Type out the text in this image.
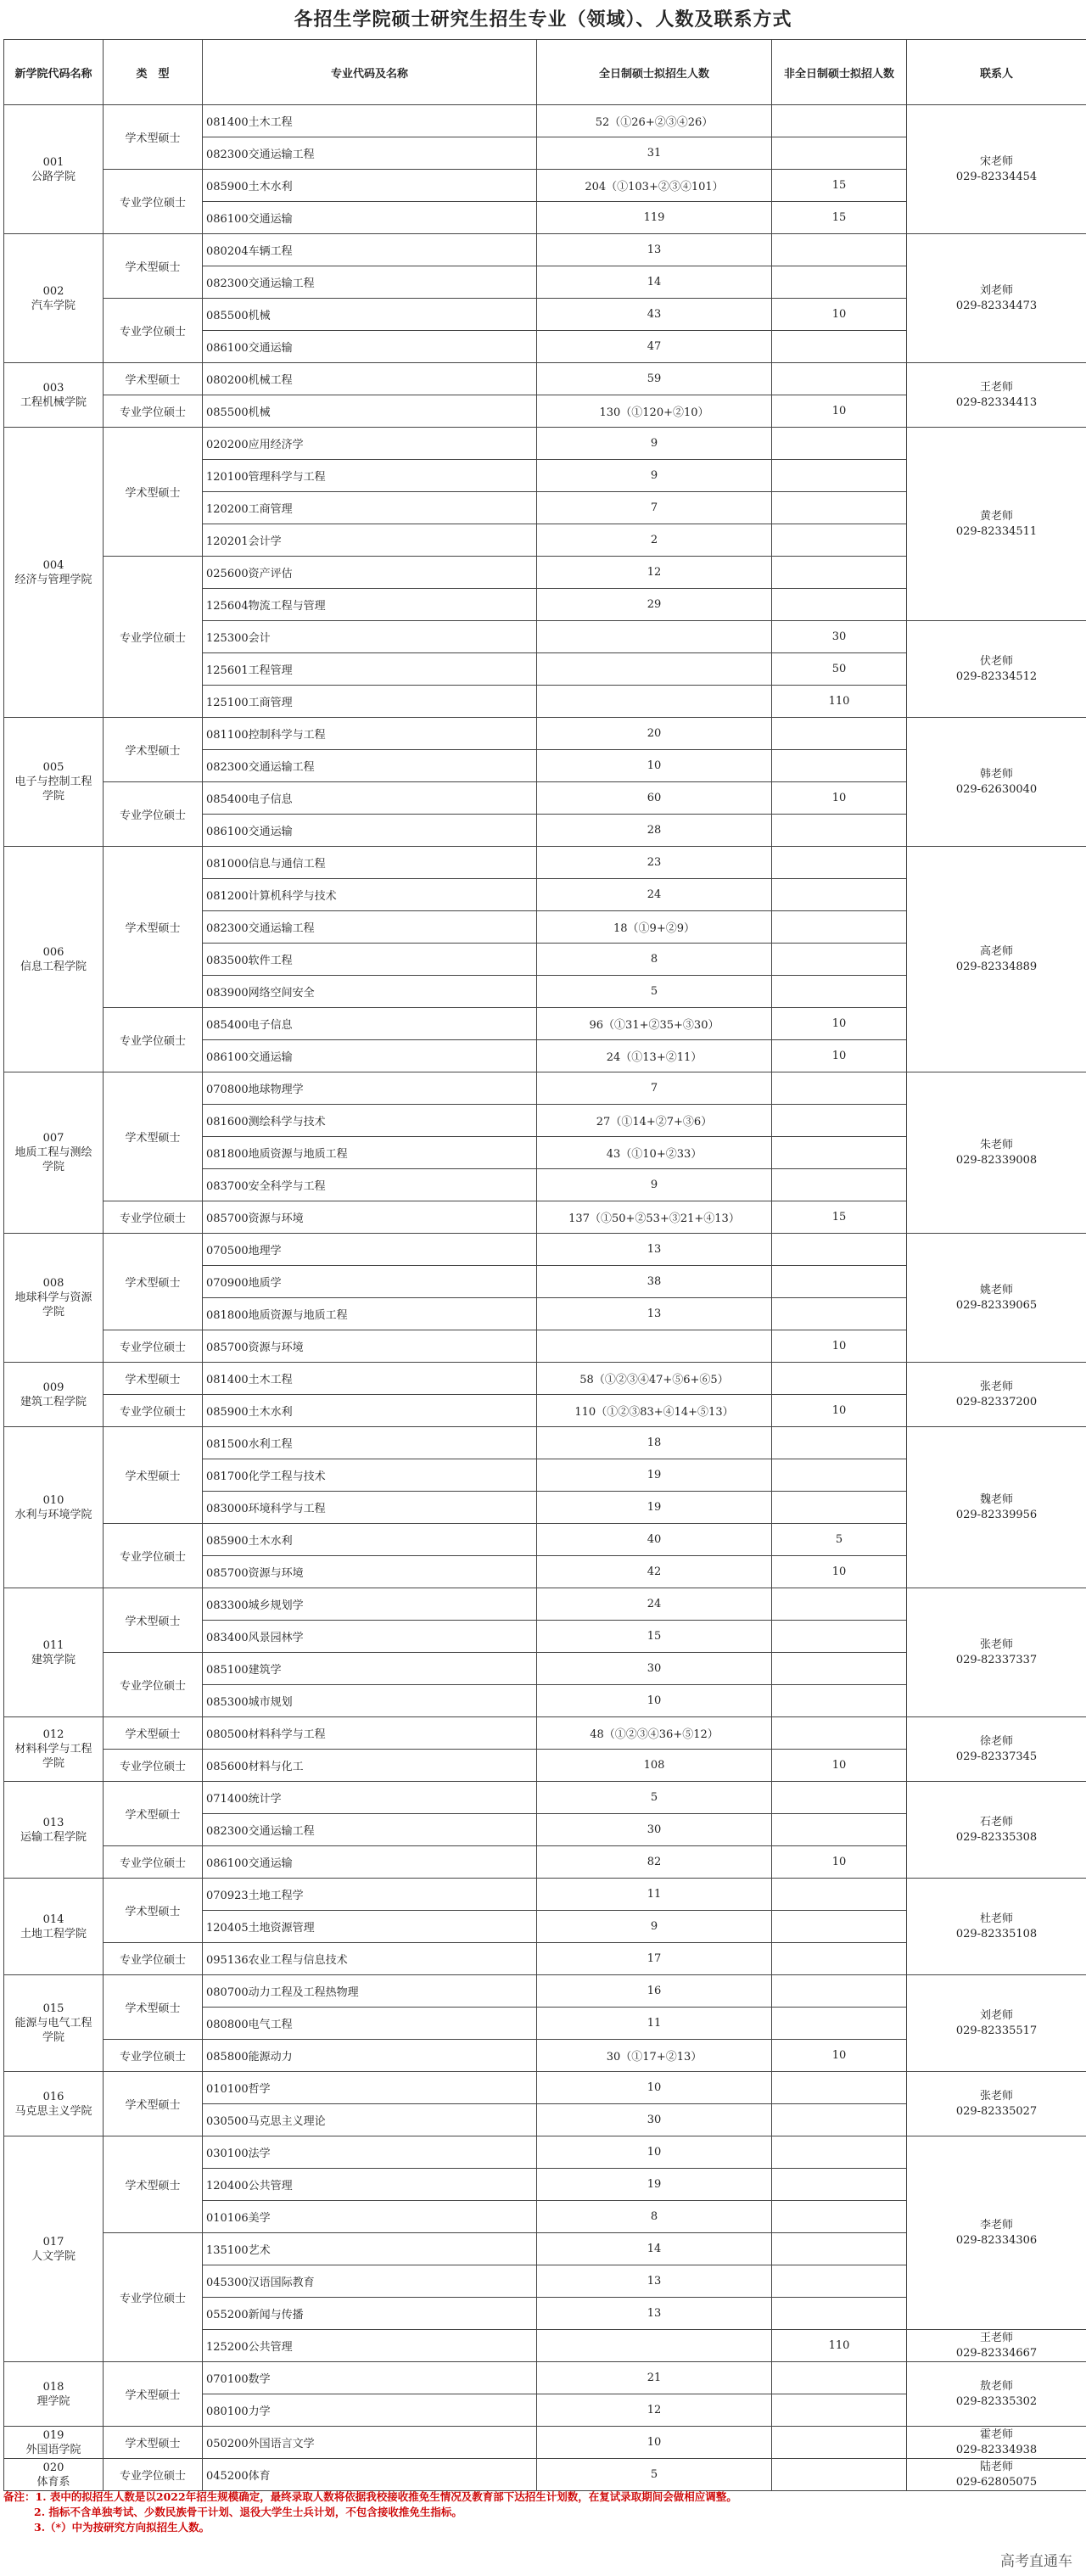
各招生学院硕士研究生招生专业（领域）、人数及联系方式
新学院代码名称	类　型	专业代码及名称	全日制硕士拟招生人数	非全日制硕士拟招人数	联系人
001
公路学院	学术型硕士	081400土木工程	52（①26+②③④26）		宋老师
029-82334454
		082300交通运输工程	31		
	专业学位硕士	085900土木水利	204（①103+②③④101）	15	
		086100交通运输	119	15	
002
汽车学院	学术型硕士	080204车辆工程	13		刘老师
029-82334473
		082300交通运输工程	14		
	专业学位硕士	085500机械	43	10	
		086100交通运输	47		
003
工程机械学院	学术型硕士	080200机械工程	59		王老师
029-82334413
	专业学位硕士	085500机械	130（①120+②10）	10	
004
经济与管理学院	学术型硕士	020200应用经济学	9		黄老师
029-82334511
		120100管理科学与工程	9		
		120200工商管理	7		
		120201会计学	2		
	专业学位硕士	025600资产评估	12		
		125604物流工程与管理	29		
		125300会计		30	伏老师
029-82334512
		125601工程管理		50	
		125100工商管理		110	
005
电子与控制工程
学院	学术型硕士	081100控制科学与工程	20		韩老师
029-62630040
		082300交通运输工程	10		
	专业学位硕士	085400电子信息	60	10	
		086100交通运输	28		
006
信息工程学院	学术型硕士	081000信息与通信工程	23		高老师
029-82334889
		081200计算机科学与技术	24		
		082300交通运输工程	18（①9+②9）		
		083500软件工程	8		
		083900网络空间安全	5		
	专业学位硕士	085400电子信息	96（①31+②35+③30）	10	
		086100交通运输	24（①13+②11）	10	
007
地质工程与测绘
学院	学术型硕士	070800地球物理学	7		朱老师
029-82339008
		081600测绘科学与技术	27（①14+②7+③6）		
		081800地质资源与地质工程	43（①10+②33）		
		083700安全科学与工程	9		
	专业学位硕士	085700资源与环境	137（①50+②53+③21+④13）	15	
008
地球科学与资源
学院	学术型硕士	070500地理学	13		姚老师
029-82339065
		070900地质学	38		
		081800地质资源与地质工程	13		
	专业学位硕士	085700资源与环境		10	
009
建筑工程学院	学术型硕士	081400土木工程	58（①②③④47+⑤6+⑥5）		张老师
029-82337200
	专业学位硕士	085900土木水利	110（①②③83+④14+⑤13）	10	
010
水利与环境学院	学术型硕士	081500水利工程	18		魏老师
029-82339956
		081700化学工程与技术	19		
		083000环境科学与工程	19		
	专业学位硕士	085900土木水利	40	5	
		085700资源与环境	42	10	
011
建筑学院	学术型硕士	083300城乡规划学	24		张老师
029-82337337
		083400风景园林学	15		
	专业学位硕士	085100建筑学	30		
		085300城市规划	10		
012
材料科学与工程
学院	学术型硕士	080500材料科学与工程	48（①②③④36+⑤12）		徐老师
029-82337345
	专业学位硕士	085600材料与化工	108	10	
013
运输工程学院	学术型硕士	071400统计学	5		石老师
029-82335308
		082300交通运输工程	30		
	专业学位硕士	086100交通运输	82	10	
014
土地工程学院	学术型硕士	070923土地工程学	11		杜老师
029-82335108
		120405土地资源管理	9		
	专业学位硕士	095136农业工程与信息技术	17		
015
能源与电气工程
学院	学术型硕士	080700动力工程及工程热物理	16		刘老师
029-82335517
		080800电气工程	11		
	专业学位硕士	085800能源动力	30（①17+②13）	10	
016
马克思主义学院	学术型硕士	010100哲学	10		张老师
029-82335027
		030500马克思主义理论	30		
017
人文学院	学术型硕士	030100法学	10		李老师
029-82334306
		120400公共管理	19		
		010106美学	8		
	专业学位硕士	135100艺术	14		
		045300汉语国际教育	13		
		055200新闻与传播	13		
		125200公共管理		110	王老师
029-82334667
018
理学院	学术型硕士	070100数学	21		敖老师
029-82335302
		080100力学	12		
019
外国语学院	学术型硕士	050200外国语言文学	10		霍老师
029-82334938
020
体育系	专业学位硕士	045200体育	5		陆老师
029-62805075
备注：1. 表中的拟招生人数是以2022年招生规模确定，最终录取人数将依据我校接收推免生情况及教育部下达招生计划数，在复试录取期间会做相应调整。
2. 指标不含单独考试、少数民族骨干计划、退役大学生士兵计划，不包含接收推免生指标。
3.（*）中为按研究方向拟招生人数。
高考直通车
